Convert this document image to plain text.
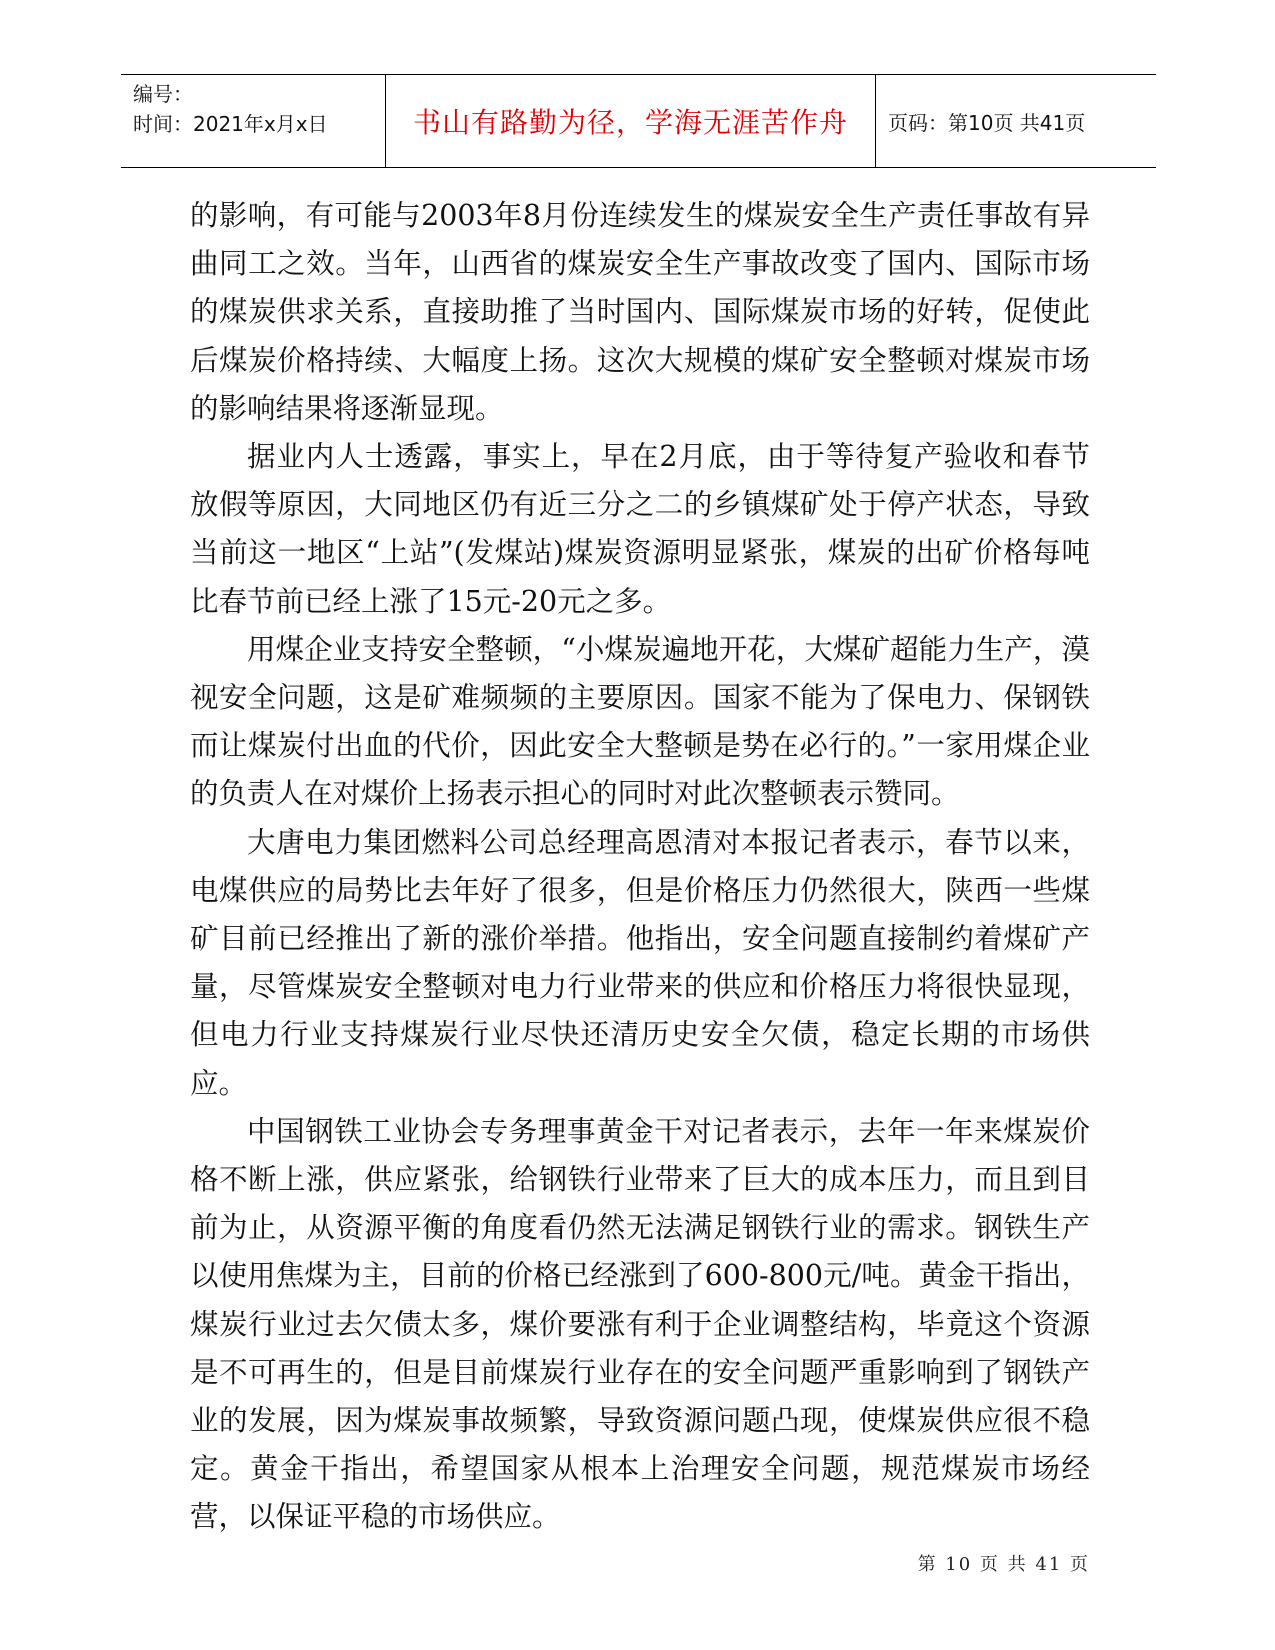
编号：
时间：2021年x月x日	书山有路勤为径，学海无涯苦作舟	页码：第10页 共41页

的影响，有可能与2003年8月份连续发生的煤炭安全生产责任事故有异曲同工之效。当年，山西省的煤炭安全生产事故改变了国内、国际市场的煤炭供求关系，直接助推了当时国内、国际煤炭市场的好转，促使此后煤炭价格持续、大幅度上扬。这次大规模的煤矿安全整顿对煤炭市场的影响结果将逐渐显现。

据业内人士透露，事实上，早在2月底，由于等待复产验收和春节放假等原因，大同地区仍有近三分之二的乡镇煤矿处于停产状态，导致当前这一地区“上站”(发煤站)煤炭资源明显紧张，煤炭的出矿价格每吨比春节前已经上涨了15元-20元之多。

用煤企业支持安全整顿，“小煤炭遍地开花，大煤矿超能力生产，漠视安全问题，这是矿难频频的主要原因。国家不能为了保电力、保钢铁而让煤炭付出血的代价，因此安全大整顿是势在必行的。”一家用煤企业的负责人在对煤价上扬表示担心的同时对此次整顿表示赞同。

大唐电力集团燃料公司总经理高恩清对本报记者表示，春节以来，电煤供应的局势比去年好了很多，但是价格压力仍然很大，陕西一些煤矿目前已经推出了新的涨价举措。他指出，安全问题直接制约着煤矿产量，尽管煤炭安全整顿对电力行业带来的供应和价格压力将很快显现，但电力行业支持煤炭行业尽快还清历史安全欠债，稳定长期的市场供应。

中国钢铁工业协会专务理事黄金干对记者表示，去年一年来煤炭价格不断上涨，供应紧张，给钢铁行业带来了巨大的成本压力，而且到目前为止，从资源平衡的角度看仍然无法满足钢铁行业的需求。钢铁生产以使用焦煤为主，目前的价格已经涨到了600-800元/吨。黄金干指出，煤炭行业过去欠债太多，煤价要涨有利于企业调整结构，毕竟这个资源是不可再生的，但是目前煤炭行业存在的安全问题严重影响到了钢铁产业的发展，因为煤炭事故频繁，导致资源问题凸现，使煤炭供应很不稳定。黄金干指出，希望国家从根本上治理安全问题，规范煤炭市场经营，以保证平稳的市场供应。

第 10 页 共 41 页
